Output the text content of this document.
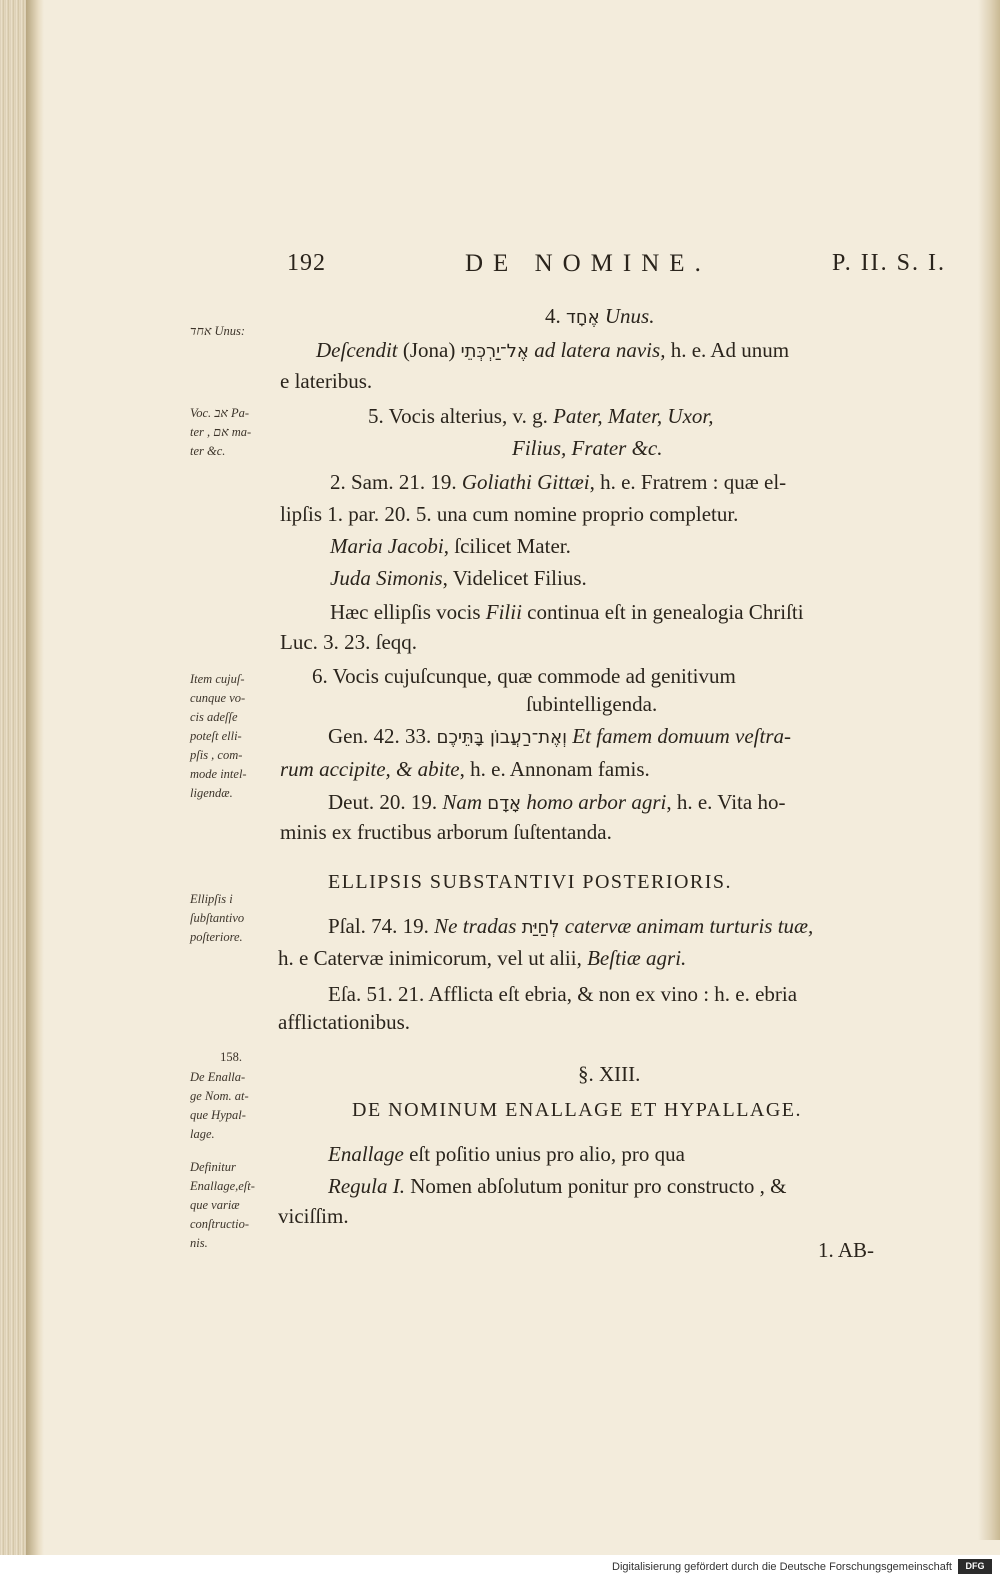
192	DE NOMINE.	P. II. S. I.
אחד Unus:
Voc. אב Pa-
ter , אם ma-
ter &c.
Item cujuſ-
cunque vo-
cis adeſſe
poteſt elli-
pſis , com-
mode intel-
ligendæ.
Ellipſis i
ſubſtantivo
poſteriore.
158.
De Enalla-
ge Nom. at-
que Hypal-
lage.
Definitur
Enallage,eſt-
que variæ
conſtructio-
nis.
4. אֶחָד Unus.
Deſcendit (Jona) אֶל־יַרְכְּתֵי ad latera navis, h. e. Ad unum
e lateribus.
5. Vocis alterius, v. g. Pater, Mater, Uxor,
Filius, Frater &c.
2. Sam. 21. 19. Goliathi Gittæi, h. e. Fratrem : quæ el-
lipſis 1. par. 20. 5. una cum nomine proprio completur.
Maria Jacobi, ſcilicet Mater.
Juda Simonis, Videlicet Filius.
Hæc ellipſis vocis Filii continua eſt in genealogia Chriſti
Luc. 3. 23. ſeqq.
6. Vocis cujuſcunque, quæ commode ad genitivum
ſubintelligenda.
Gen. 42. 33. וְאֶת־רַעֲבוֹן בָּתֵּיכֶם Et famem domuum veſtra-
rum accipite, & abite, h. e. Annonam famis.
Deut. 20. 19. Nam אָדָם homo arbor agri, h. e. Vita ho-
minis ex fructibus arborum ſuſtentanda.
ELLIPSIS SUBSTANTIVI POSTERIORIS.
Pſal. 74. 19. Ne tradas לְחַיַּת catervæ animam turturis tuæ,
h. e Catervæ inimicorum, vel ut alii, Beſtiæ agri.
Eſa. 51. 21. Afflicta eſt ebria, & non ex vino : h. e. ebria
afflictationibus.
§. XIII.
DE NOMINUM ENALLAGE ET HYPALLAGE.
Enallage eſt poſitio unius pro alio, pro qua
Regula I. Nomen abſolutum ponitur pro constructo , &
viciſſim.
1. AB-
Digitalisierung gefördert durch die Deutsche Forschungsgemeinschaft	DFG
